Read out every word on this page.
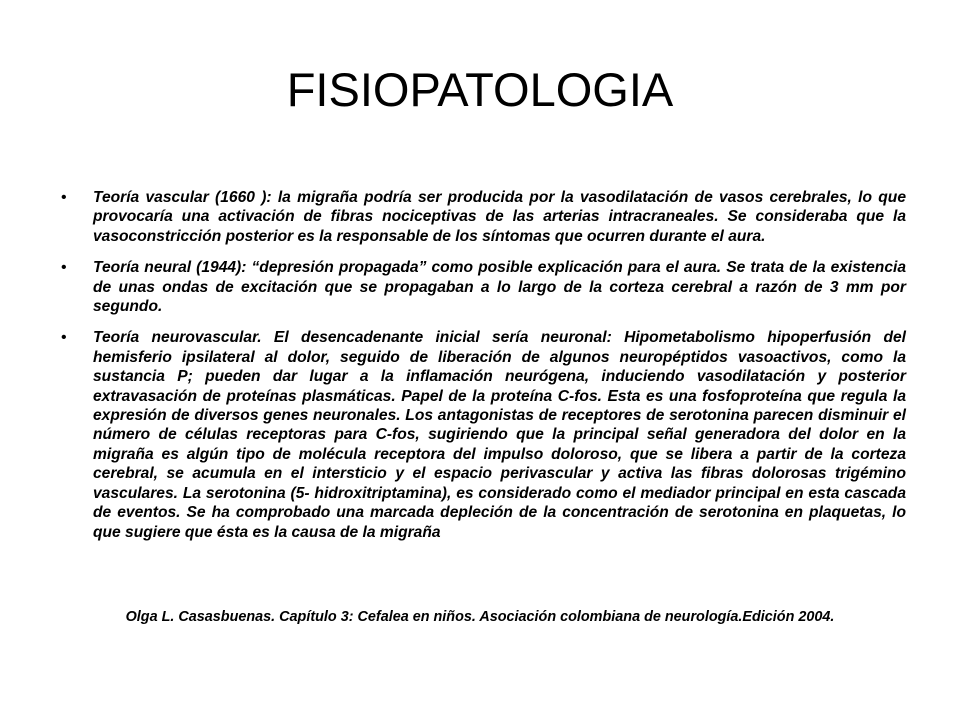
FISIOPATOLOGIA
• Teoría vascular (1660 ): la migraña podría ser producida por la vasodilatación de vasos cerebrales, lo que provocaría una activación de fibras nociceptivas de las arterias intracraneales. Se consideraba que la vasoconstricción posterior es la responsable de los síntomas que ocurren durante el aura.
• Teoría neural (1944): “depresión propagada” como posible explicación para el aura. Se trata de la existencia de unas ondas de excitación que se propagaban a lo largo de la corteza cerebral a razón de 3 mm por segundo.
• Teoría neurovascular. El desencadenante inicial sería neuronal: Hipometabolismo hipoperfusión del hemisferio ipsilateral al dolor, seguido de liberación de algunos neuropéptidos vasoactivos, como la sustancia P; pueden dar lugar a la inflamación neurógena, induciendo vasodilatación y posterior extravasación de proteínas plasmáticas. Papel de la proteína C-fos. Esta es una fosfoproteína que regula la expresión de diversos genes neuronales. Los antagonistas de receptores de serotonina parecen disminuir el número de células receptoras para C-fos, sugiriendo que la principal señal generadora del dolor en la migraña es algún tipo de molécula receptora del impulso doloroso, que se libera a partir de la corteza cerebral, se acumula en el intersticio y el espacio perivascular y activa las fibras dolorosas trigémino vasculares. La serotonina (5- hidroxitriptamina), es considerado como el mediador principal en esta cascada de eventos. Se ha comprobado una marcada depleción de la concentración de serotonina en plaquetas, lo que sugiere que ésta es la causa de la migraña

Olga L. Casasbuenas. Capítulo 3: Cefalea en niños. Asociación colombiana de neurología.Edición 2004.
